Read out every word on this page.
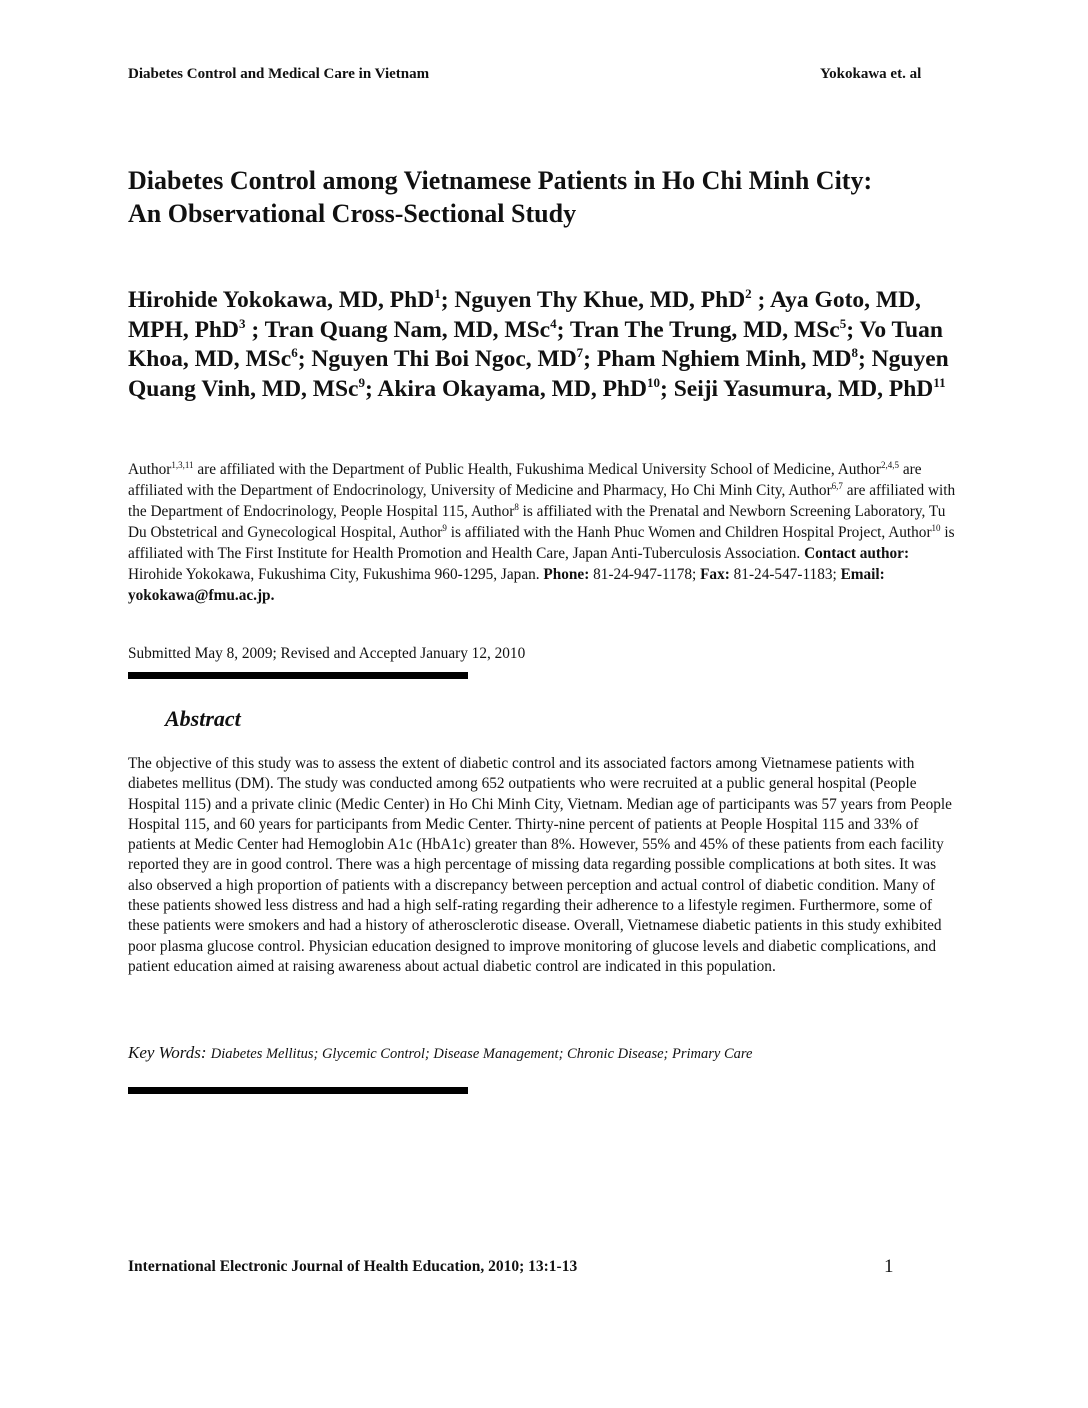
Diabetes Control and Medical Care in Vietnam	Yokokawa et. al
Diabetes Control among Vietnamese Patients in Ho Chi Minh City:
An Observational Cross-Sectional Study
Hirohide Yokokawa, MD, PhD$^1$; Nguyen Thy Khue, MD, PhD$^2$ ; Aya Goto, MD, MPH, PhD$^3$ ; Tran Quang Nam, MD, MSc$^4$; Tran The Trung, MD, MSc$^5$; Vo Tuan Khoa, MD, MSc$^6$; Nguyen Thi Boi Ngoc, $MD^7$; Pham Nghiem Minh, $MD^8$; Nguyen Quang Vinh, MD, MSc$^9$; Akira Okayama, MD, PhD$^{10}$; Seiji Yasumura, MD, PhD$^{11}$
Author$^{1,3,11}$ are affiliated with the Department of Public Health, Fukushima Medical University School of Medicine, Author$^{2,4,5}$ are affiliated with the Department of Endocrinology, University of Medicine and Pharmacy, Ho Chi Minh City, Author$^{6,7}$ are affiliated with the Department of Endocrinology, People Hospital 115, Author$^8$ is affiliated with the Prenatal and Newborn Screening Laboratory, Tu Du Obstetrical and Gynecological Hospital, Author$^9$ is affiliated with the Hanh Phuc Women and Children Hospital Project, Author$^{10}$ is affiliated with The First Institute for Health Promotion and Health Care, Japan Anti-Tuberculosis Association. Contact author: Hirohide Yokokawa, Fukushima City, Fukushima 960-1295, Japan. Phone: 81-24-947-1178; Fax: 81-24-547-1183; Email: yokokawa@fmu.ac.jp.
Submitted May 8, 2009; Revised and Accepted January 12, 2010
Abstract
The objective of this study was to assess the extent of diabetic control and its associated factors among Vietnamese patients with diabetes mellitus (DM). The study was conducted among 652 outpatients who were recruited at a public general hospital (People Hospital 115) and a private clinic (Medic Center) in Ho Chi Minh City, Vietnam. Median age of participants was 57 years from People Hospital 115, and 60 years for participants from Medic Center. Thirty-nine percent of patients at People Hospital 115 and 33% of patients at Medic Center had Hemoglobin A1c (HbA1c) greater than 8%. However, 55% and 45% of these patients from each facility reported they are in good control. There was a high percentage of missing data regarding possible complications at both sites. It was also observed a high proportion of patients with a discrepancy between perception and actual control of diabetic condition. Many of these patients showed less distress and had a high self-rating regarding their adherence to a lifestyle regimen. Furthermore, some of these patients were smokers and had a history of atherosclerotic disease. Overall, Vietnamese diabetic patients in this study exhibited poor plasma glucose control. Physician education designed to improve monitoring of glucose levels and diabetic complications, and patient education aimed at raising awareness about actual diabetic control are indicated in this population.
Key Words: Diabetes Mellitus; Glycemic Control; Disease Management; Chronic Disease; Primary Care
International Electronic Journal of Health Education, 2010; 13:1-13	1
